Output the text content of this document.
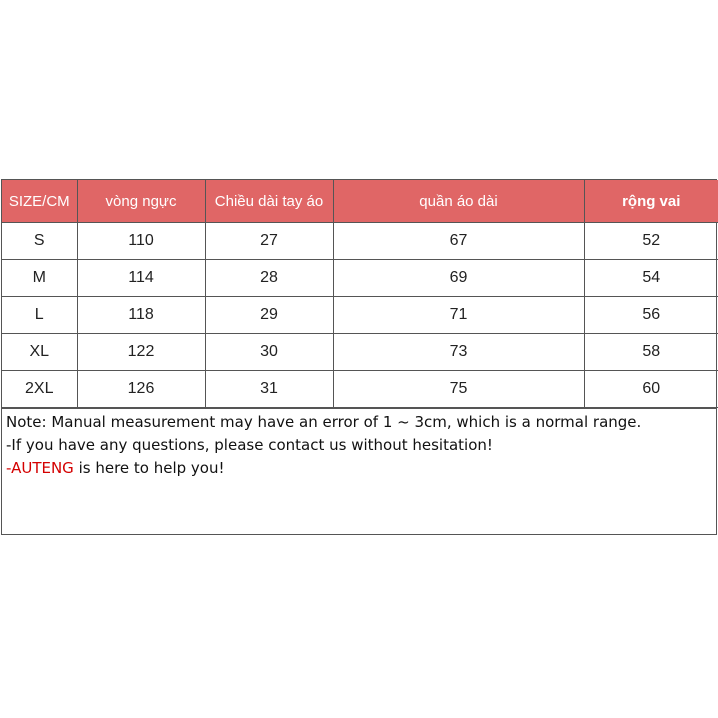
SIZE/CM	vòng ngực	Chiều dài tay áo	quần áo dài	rộng vai
S	110	27	67	52
M	114	28	69	54
L	118	29	71	56
XL	122	30	73	58
2XL	126	31	75	60

Note: Manual measurement may have an error of 1 ~ 3cm, which is a normal range.

-If you have any questions, please contact us without hesitation!

-AUTENG is here to help you!
